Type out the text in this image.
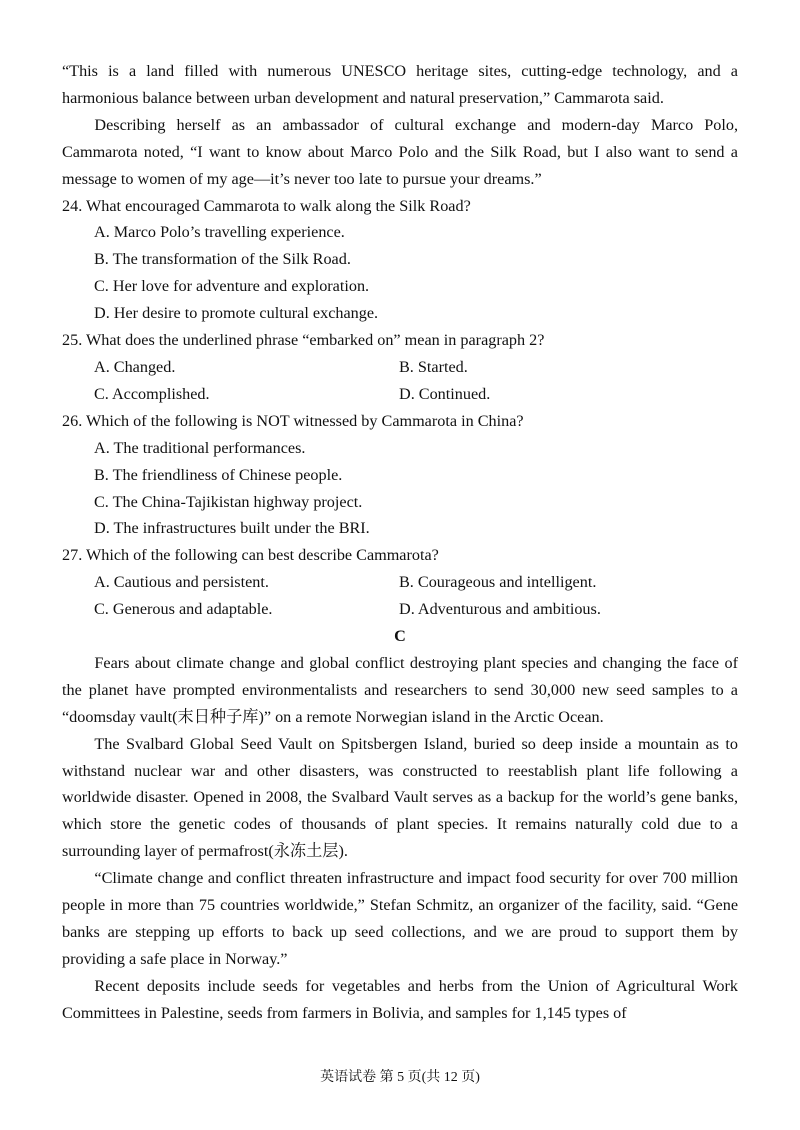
“This is a land filled with numerous UNESCO heritage sites, cutting-edge technology, and a harmonious balance between urban development and natural preservation,” Cammarota said.

Describing herself as an ambassador of cultural exchange and modern-day Marco Polo, Cammarota noted, “I want to know about Marco Polo and the Silk Road, but I also want to send a message to women of my age—it’s never too late to pursue your dreams.”

24. What encouraged Cammarota to walk along the Silk Road?
A. Marco Polo’s travelling experience.
B. The transformation of the Silk Road.
C. Her love for adventure and exploration.
D. Her desire to promote cultural exchange.
25. What does the underlined phrase “embarked on” mean in paragraph 2?
A. Changed.	B. Started.
C. Accomplished.	D. Continued.
26. Which of the following is NOT witnessed by Cammarota in China?
A. The traditional performances.
B. The friendliness of Chinese people.
C. The China-Tajikistan highway project.
D. The infrastructures built under the BRI.
27. Which of the following can best describe Cammarota?
A. Cautious and persistent.	B. Courageous and intelligent.
C. Generous and adaptable.	D. Adventurous and ambitious.
C

Fears about climate change and global conflict destroying plant species and changing the face of the planet have prompted environmentalists and researchers to send 30,000 new seed samples to a “doomsday vault(末日种子库)” on a remote Norwegian island in the Arctic Ocean.

The Svalbard Global Seed Vault on Spitsbergen Island, buried so deep inside a mountain as to withstand nuclear war and other disasters, was constructed to reestablish plant life following a worldwide disaster. Opened in 2008, the Svalbard Vault serves as a backup for the world’s gene banks, which store the genetic codes of thousands of plant species. It remains naturally cold due to a surrounding layer of permafrost(永冻土层).

“Climate change and conflict threaten infrastructure and impact food security for over 700 million people in more than 75 countries worldwide,” Stefan Schmitz, an organizer of the facility, said. “Gene banks are stepping up efforts to back up seed collections, and we are proud to support them by providing a safe place in Norway.”

Recent deposits include seeds for vegetables and herbs from the Union of Agricultural Work Committees in Palestine, seeds from farmers in Bolivia, and samples for 1,145 types of

英语试卷 第 5 页(共 12 页)
